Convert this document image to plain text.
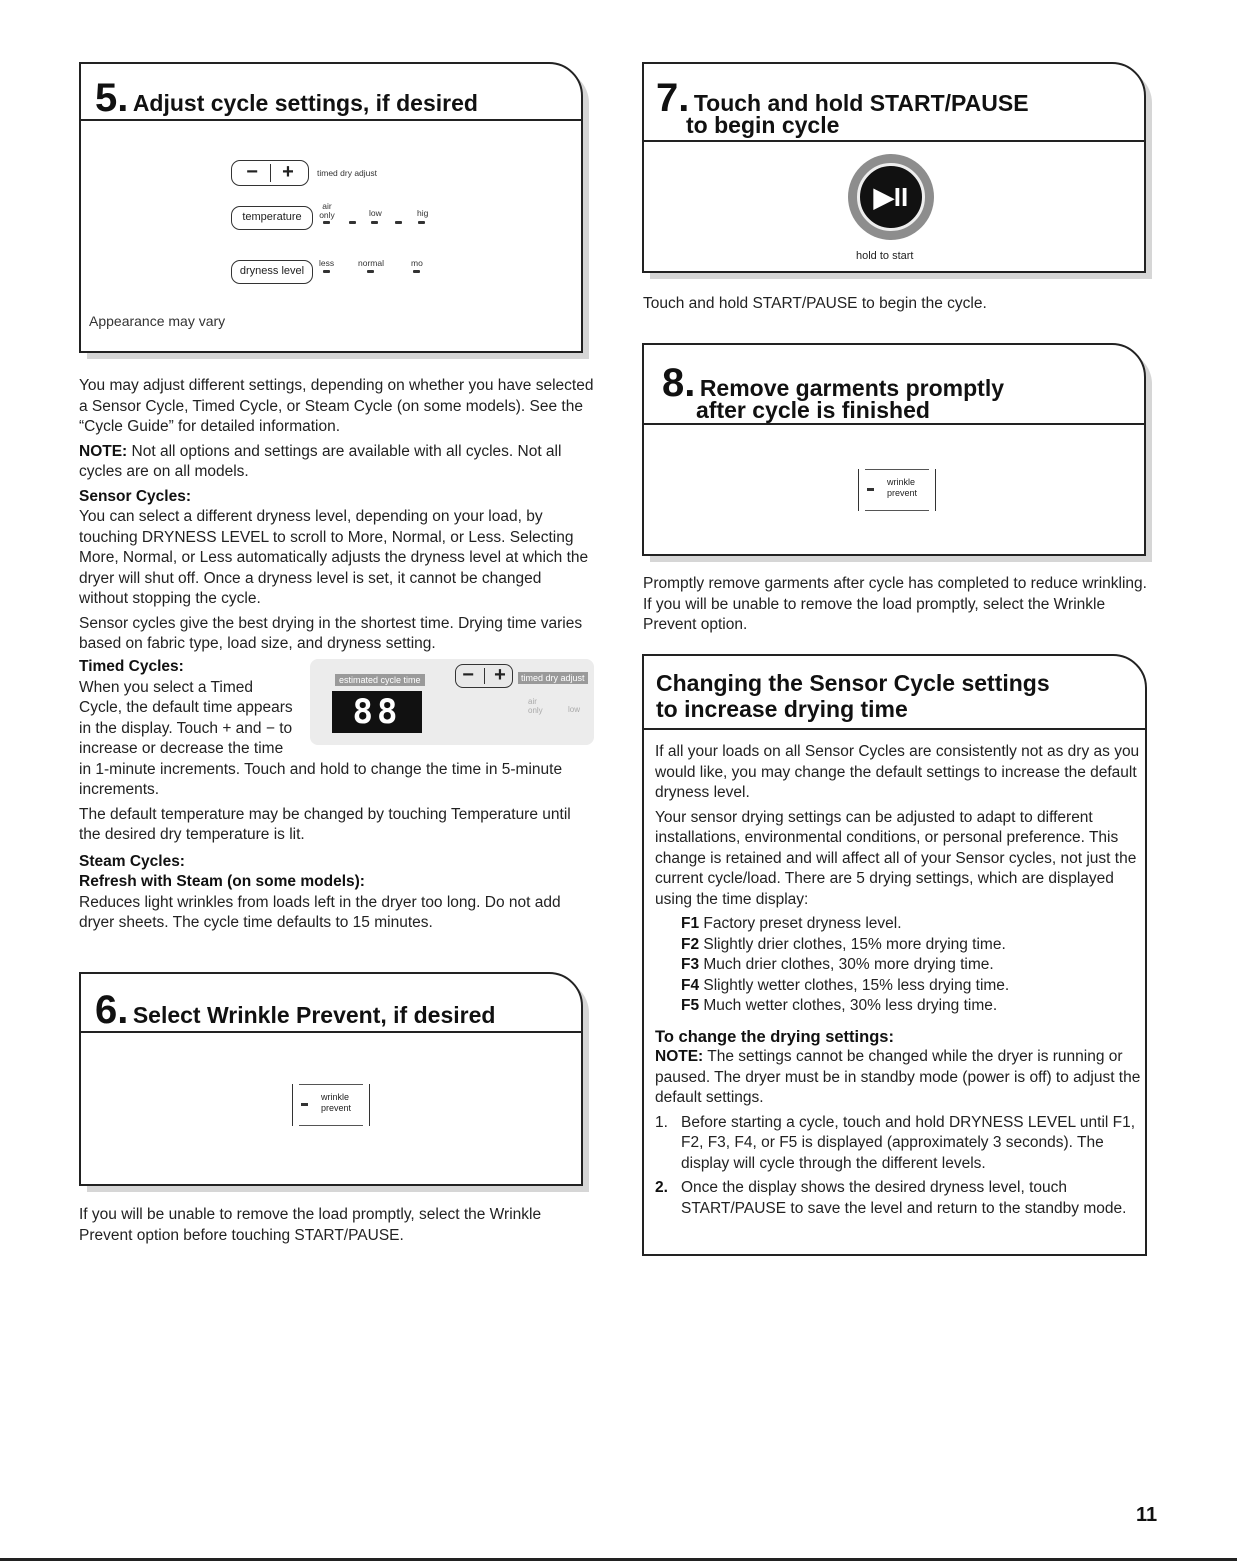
5. Adjust cycle settings, if desired
− +	timed dry adjust
temperature
air only	low	hig
dryness level
less	normal	mo
Appearance may vary

You may adjust different settings, depending on whether you have selected a Sensor Cycle, Timed Cycle, or Steam Cycle (on some models). See the “Cycle Guide” for detailed information.

NOTE: Not all options and settings are available with all cycles. Not all cycles are on all models.

Sensor Cycles:

You can select a different dryness level, depending on your load, by touching DRYNESS LEVEL to scroll to More, Normal, or Less. Selecting More, Normal, or Less automatically adjusts the dryness level at which the dryer will shut off. Once a dryness level is set, it cannot be changed without stopping the cycle.

Sensor cycles give the best drying in the shortest time. Drying time varies based on fabric type, load size, and dryness setting.

Timed Cycles:
When you select a Timed
Cycle, the default time appears
in the display. Touch + and − to
increase or decrease the time

in 1-minute increments. Touch and hold to change the time in 5-minute increments.

The default temperature may be changed by touching Temperature until the desired dry temperature is lit.

Steam Cycles:
Refresh with Steam (on some models):

Reduces light wrinkles from loads left in the dryer too long. Do not add dryer sheets. The cycle time defaults to 15 minutes.

estimated cycle time
88
− +	timed dry adjust
air only	low
6. Select Wrinkle Prevent, if desired
wrinkle
prevent
If you will be unable to remove the load promptly, select the Wrinkle Prevent option before touching START/PAUSE.
7. Touch and hold START/PAUSE
to begin cycle
▶II
hold to start
Touch and hold START/PAUSE to begin the cycle.
8. Remove garments promptly
after cycle is finished
wrinkle
prevent
Promptly remove garments after cycle has completed to reduce wrinkling. If you will be unable to remove the load promptly, select the Wrinkle Prevent option.
Changing the Sensor Cycle settings
to increase drying time

If all your loads on all Sensor Cycles are consistently not as dry as you would like, you may change the default settings to increase the default dryness level.

Your sensor drying settings can be adjusted to adapt to different installations, environmental conditions, or personal preference. This change is retained and will affect all of your Sensor cycles, not just the current cycle/load. There are 5 drying settings, which are displayed using the time display:

F1 Factory preset dryness level.
F2 Slightly drier clothes, 15% more drying time.
F3 Much drier clothes, 30% more drying time.
F4 Slightly wetter clothes, 15% less drying time.
F5 Much wetter clothes, 30% less drying time.
To change the drying settings:

NOTE: The settings cannot be changed while the dryer is running or paused. The dryer must be in standby mode (power is off) to adjust the default settings.

1. Before starting a cycle, touch and hold DRYNESS LEVEL until F1, F2, F3, F4, or F5 is displayed (approximately 3 seconds). The display will cycle through the different levels.
2. Once the display shows the desired dryness level, touch START/PAUSE to save the level and return to the standby mode.
11
